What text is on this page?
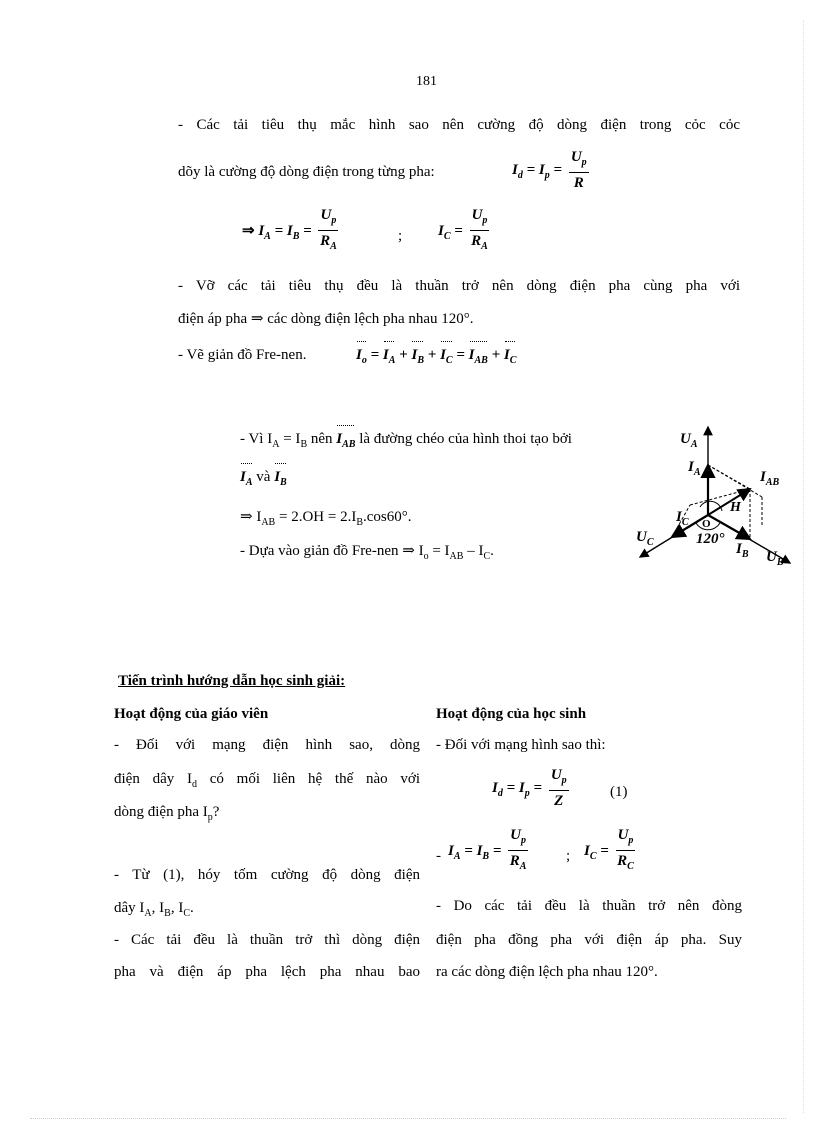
181
- Các tải tiêu thụ mắc hình sao nên cường độ dòng điện trong cỏc cỏc
dõy là cường độ dòng điện trong từng pha:	$I_d = I_p = \frac{U_p}{R}$
⇒ $I_A = I_B = \frac{U_p}{R_A}$	; $I_C = \frac{U_p}{R_A}$
- Vỡ các tải tiêu thụ đều là thuần trở nên dòng điện pha cùng pha với
điện áp pha ⇒ các dòng điện lệch pha nhau 120°.
- Vẽ giản đồ Fre-nen.	$I_o = I_A + I_B + I_C = I_{AB} + I_C$
- Vì $I_A = I_B$ nên $I_{AB}$ là đường chéo của hình thoi tạo bởi
$I_A$ và $I_B$
⇒ $I_{AB} = 2.OH = 2.I_B.\cos 60^\circ$.
- Dựa vào giản đồ Fre-nen ⇒ $I_o = I_{AB} - I_C$.
$U_A$
$I_A$	$I_{AB}$
H
$I_C$ O
$U_C$	120°
$I_B$ $U_B$
Tiến trình hướng dẫn học sinh giải:
Hoạt động của giáo viên
- Đối với mạng điện hình sao, dòng
điện dây $I_d$ có mối liên hệ thế nào với
dòng điện pha $I_p$?
- Từ (1), hóy tốm cường độ dòng điện
dây $I_A$, $I_B$, $I_C$.
- Các tải đều là thuần trở thì dòng điện
pha và điện áp pha lệch pha nhau bao
Hoạt động của học sinh
- Đối với mạng hình sao thì:
$I_d = I_p = \frac{U_p}{Z}$	(1)
- $I_A = I_B = \frac{U_p}{R_A}$	; $I_C = \frac{U_p}{R_C}$
- Do các tải đều là thuần trở nên đòng
điện pha đồng pha với điện áp pha. Suy
ra các dòng điện lệch pha nhau 120°.
